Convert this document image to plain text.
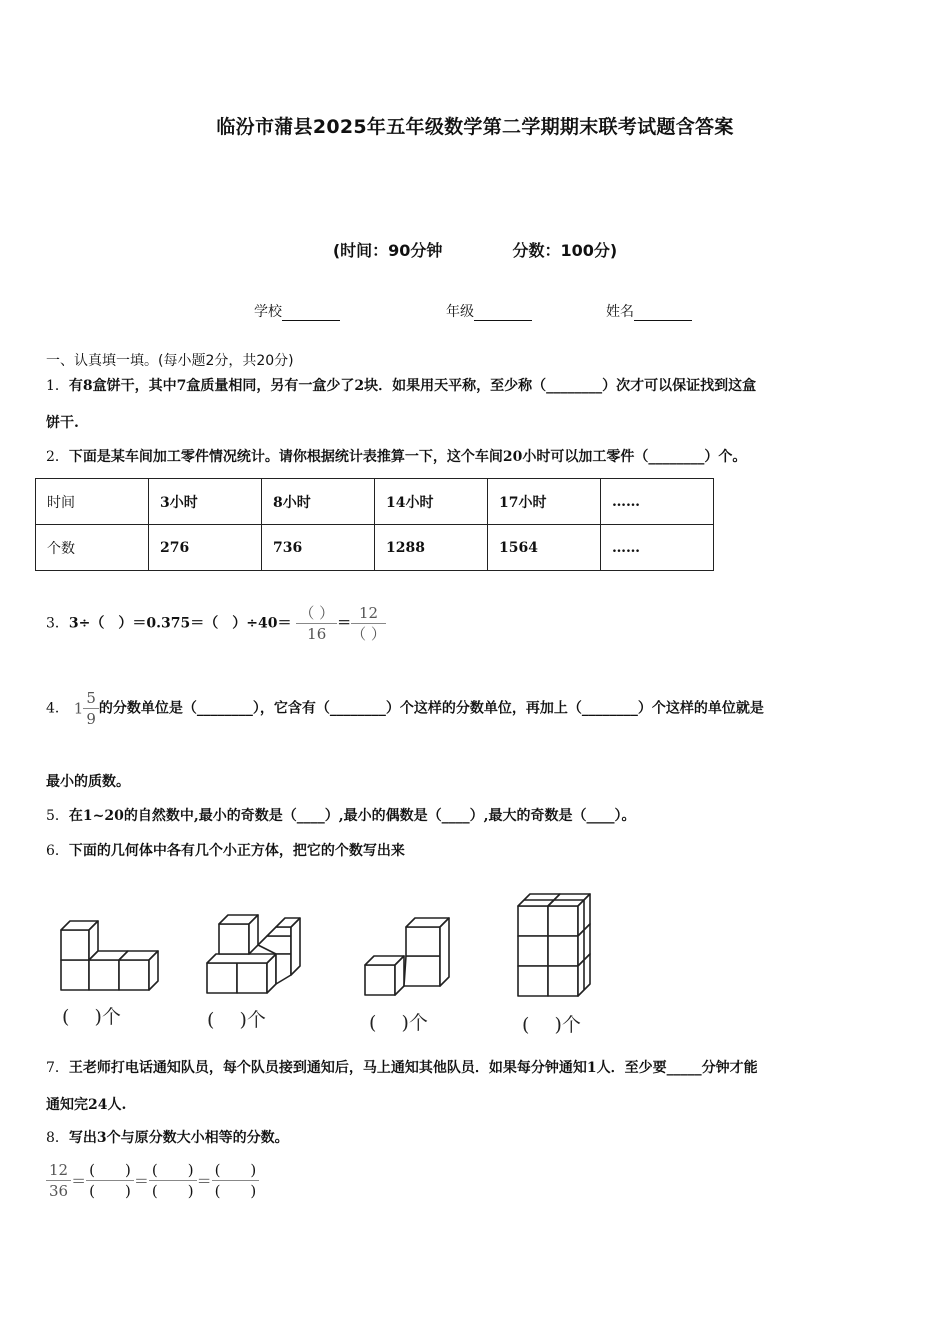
临汾市蒲县2025年五年级数学第二学期期末联考试题含答案
(时间：90分钟	分数：100分)
学校	年级	姓名
一、认真填一填。(每小题2分，共20分)
1．有8盒饼干，其中7盒质量相同，另有一盒少了2块．如果用天平称，至少称（________）次才可以保证找到这盒
饼干.
2．下面是某车间加工零件情况统计。请你根据统计表推算一下，这个车间20小时可以加工零件（________）个。
时间	3小时	8小时	14小时	17小时	……
个数	276	736	1288	1564	……
3．3÷（　）＝0.375＝（　）$\div 40= \frac{( )}{16} = \frac{12}{( )}$
4． $1 \frac{5}{9}$ 的分数单位是（________），它含有（________）个这样的分数单位，再加上（________）个这样的单位就是
最小的质数。
5．在1~20的自然数中,最小的奇数是（____）,最小的偶数是（____）,最大的奇数是（____）。
6．下面的几何体中各有几个小正方体，把它的个数写出来
(　 )个	(　 )个	(　 )个	(　 )个
7．王老师打电话通知队员，每个队员接到通知后，马上通知其他队员．如果每分钟通知1人．至少要_____分钟才能
通知完24人.
8．写出3个与原分数大小相等的分数。
$\frac{12}{36} = \frac{( )}{( )} = \frac{( )}{( )} = \frac{( )}{( )}$
